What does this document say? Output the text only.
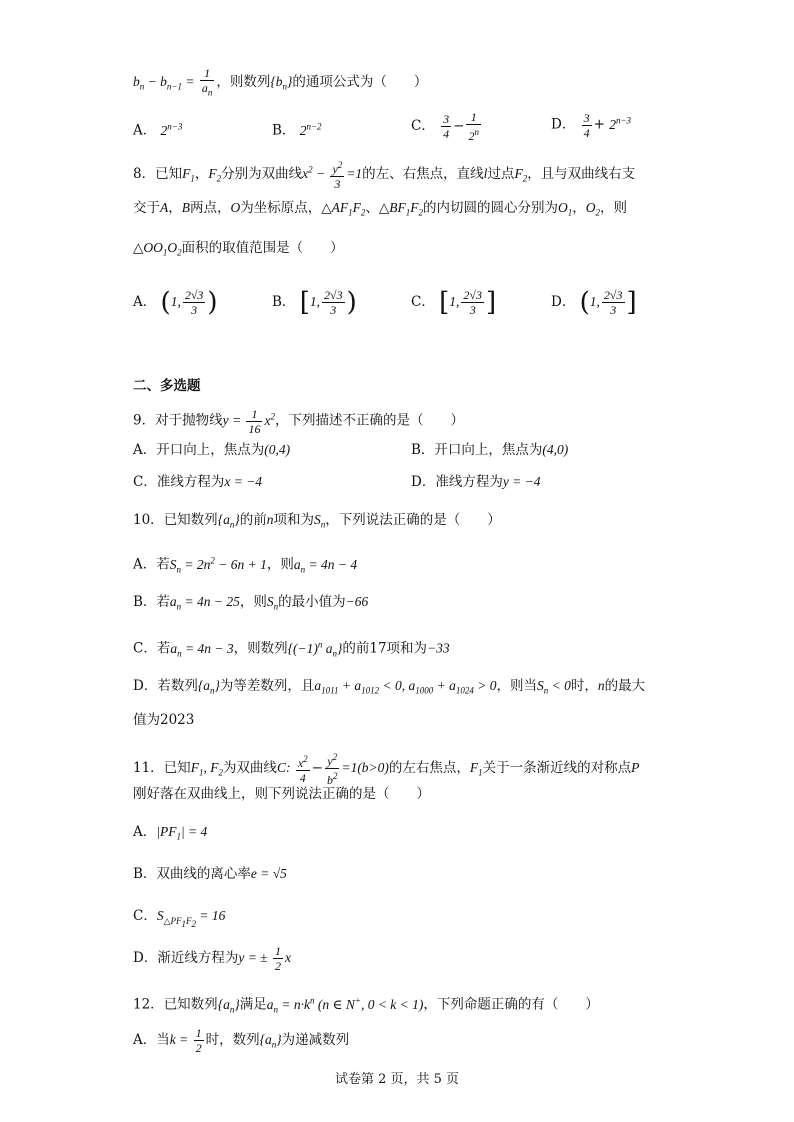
$b_n - b_{n-1} = \frac{1}{a_n}$ ，则数列$\{b_n\}$的通项公式为（　　）
A． $2^{n-3}$	B． $2^{n-2}$	C． $\frac{3}{4} - \frac{1}{2^n}$	D． $\frac{3}{4} + 2^{n-3}$
8．已知$F_1$，$F_2$分别为双曲线$x^2 - \frac{y^2}{3} =1$的左、右焦点，直线l过点$F_2$，且与双曲线右支
交于A，B两点，O为坐标原点，$\triangle AF_1F_2$、$\triangle BF_1F_2$的内切圆的圆心分别为$O_1$，$O_2$，则
$\triangle OO_1O_2$面积的取值范围是（　　）
A． (1, $\frac{2√3}{3}$ )	B． [1, $\frac{2√3}{3}$ )	C． [1, $\frac{2√3}{3}$ ]	D． (1, $\frac{2√3}{3}$ ]
二、多选题
9．对于抛物线$y = \frac{1}{16} x^2$，下列描述不正确的是（　　）
A．开口向上，焦点为(0,4)	B．开口向上，焦点为(4,0)
C．准线方程为x = −4	D．准线方程为y = −4
10．已知数列$\{a_n\}$的前n项和为$S_n$，下列说法正确的是（　　）
A．若$S_n = 2n^2 - 6n + 1$，则$a_n = 4n - 4$
B．若$a_n = 4n - 25$，则$S_n$的最小值为−66
C．若$a_n = 4n - 3$，则数列{$(-1)^n$ $a_n$}的前17项和为−33
D．若数列$\{a_n\}$为等差数列，且$a_{1011} + a_{1012} < 0$, $a_{1000} + a_{1024} > 0$，则当$S_n < 0$时，n的最大
值为2023
11．已知$F_1$, $F_2$为双曲线C: $\frac{x^2}{4} - \frac{y^2}{b^2} =1(b>0)$的左右焦点，$F_1$关于一条渐近线的对称点P
刚好落在双曲线上，则下列说法正确的是（　　）
A．$|PF_1| = 4$
B．双曲线的离心率e = √5
C．$S_{\triangle PF_1F_2} = 16$
D．渐近线方程为y = ± $\frac{1}{2}$ x
12．已知数列$\{a_n\}$满足$a_n = n\cdot k^n$ (n ∈ N+, 0 < k < 1)，下列命题正确的有（　　）
A．当$k = \frac{1}{2}$ 时，数列$\{a_n\}$为递减数列
试卷第 2 页，共 5 页
